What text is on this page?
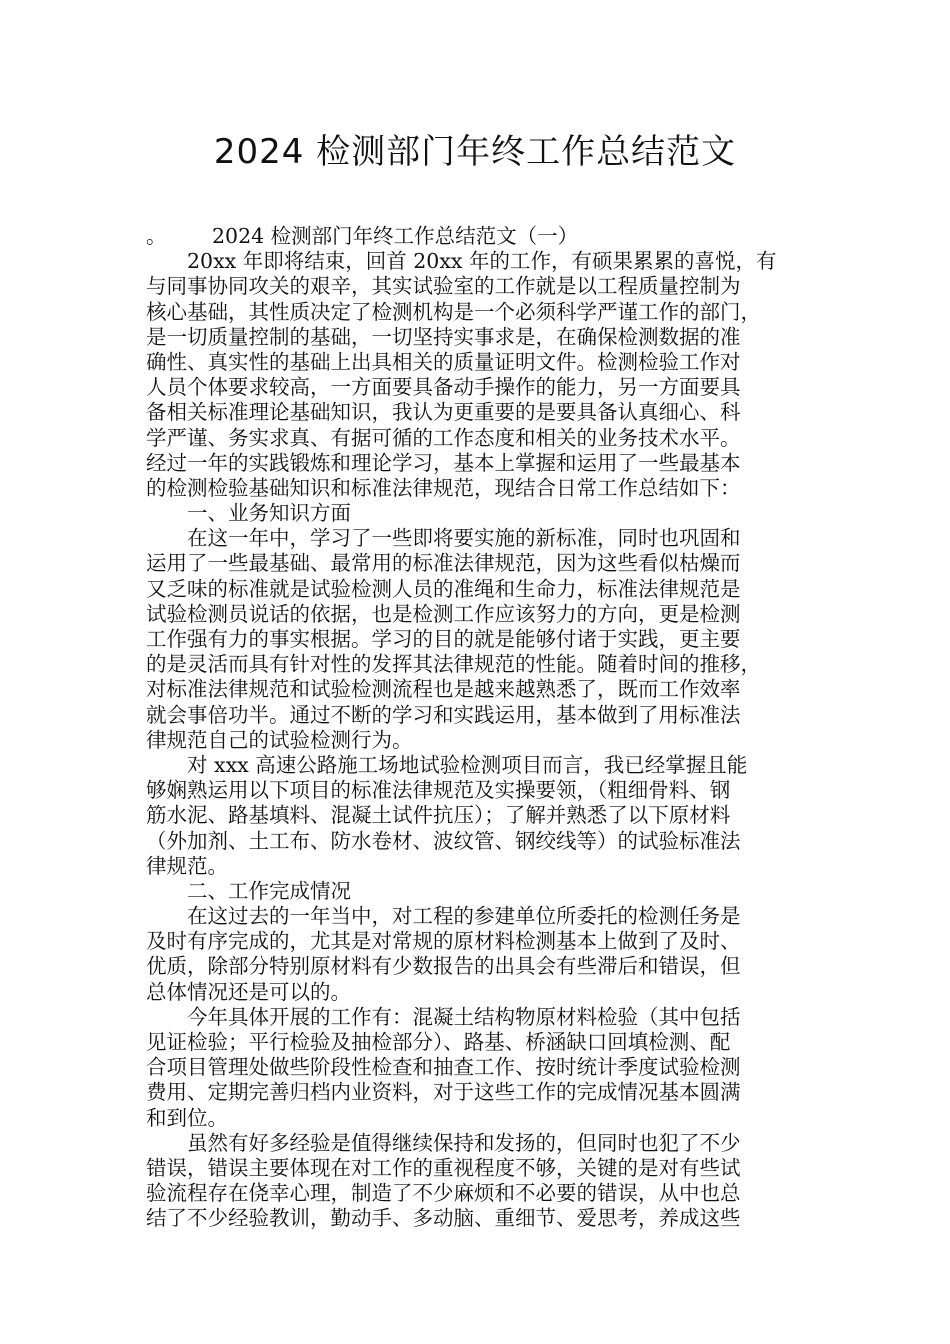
2024 检测部门年终工作总结范文
。 2024 检测部门年终工作总结范文（一）
20xx 年即将结束，回首 20xx 年的工作，有硕果累累的喜悦，有
与同事协同攻关的艰辛，其实试验室的工作就是以工程质量控制为
核心基础，其性质决定了检测机构是一个必须科学严谨工作的部门，
是一切质量控制的基础，一切坚持实事求是，在确保检测数据的准
确性、真实性的基础上出具相关的质量证明文件。检测检验工作对
人员个体要求较高，一方面要具备动手操作的能力，另一方面要具
备相关标准理论基础知识，我认为更重要的是要具备认真细心、科
学严谨、务实求真、有据可循的工作态度和相关的业务技术水平。
经过一年的实践锻炼和理论学习，基本上掌握和运用了一些最基本
的检测检验基础知识和标准法律规范，现结合日常工作总结如下：
一、业务知识方面
在这一年中，学习了一些即将要实施的新标准，同时也巩固和
运用了一些最基础、最常用的标准法律规范，因为这些看似枯燥而
又乏味的标准就是试验检测人员的准绳和生命力，标准法律规范是
试验检测员说话的依据，也是检测工作应该努力的方向，更是检测
工作强有力的事实根据。学习的目的就是能够付诸于实践，更主要
的是灵活而具有针对性的发挥其法律规范的性能。随着时间的推移，
对标准法律规范和试验检测流程也是越来越熟悉了，既而工作效率
就会事倍功半。通过不断的学习和实践运用，基本做到了用标准法
律规范自己的试验检测行为。
对 xxx 高速公路施工场地试验检测项目而言，我已经掌握且能
够娴熟运用以下项目的标准法律规范及实操要领，（粗细骨料、钢
筋水泥、路基填料、混凝土试件抗压）；了解并熟悉了以下原材料
（外加剂、土工布、防水卷材、波纹管、钢绞线等）的试验标准法
律规范。
二、工作完成情况
在这过去的一年当中，对工程的参建单位所委托的检测任务是
及时有序完成的，尤其是对常规的原材料检测基本上做到了及时、
优质，除部分特别原材料有少数报告的出具会有些滞后和错误，但
总体情况还是可以的。
今年具体开展的工作有：混凝土结构物原材料检验（其中包括
见证检验；平行检验及抽检部分）、路基、桥涵缺口回填检测、配
合项目管理处做些阶段性检查和抽查工作、按时统计季度试验检测
费用、定期完善归档内业资料，对于这些工作的完成情况基本圆满
和到位。
虽然有好多经验是值得继续保持和发扬的，但同时也犯了不少
错误，错误主要体现在对工作的重视程度不够，关键的是对有些试
验流程存在侥幸心理，制造了不少麻烦和不必要的错误，从中也总
结了不少经验教训，勤动手、多动脑、重细节、爱思考，养成这些
